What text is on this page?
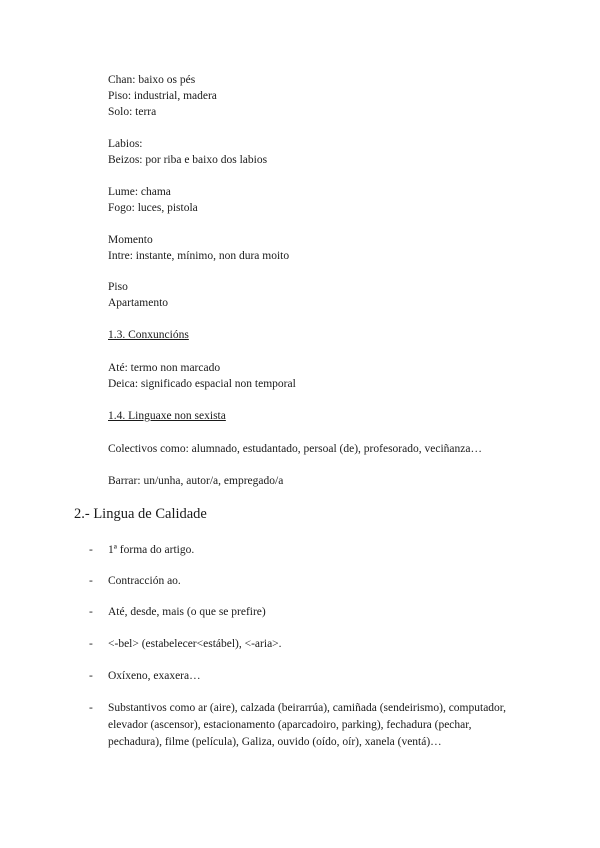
Chan: baixo os pés
Piso: industrial, madera
Solo: terra
Labios:
Beizos: por riba e baixo dos labios
Lume: chama
Fogo: luces, pistola
Momento
Intre: instante, mínimo, non dura moito
Piso
Apartamento
1.3. Conxuncións
Até: termo non marcado
Deica: significado espacial non temporal
1.4. Linguaxe non sexista
Colectivos como: alumnado, estudantado, persoal (de), profesorado, veciñanza…
Barrar: un/unha, autor/a, empregado/a
2.- Lingua de Calidade
- 1ª forma do artigo.
- Contracción ao.
- Até, desde, mais (o que se prefire)
- <-bel> (estabelecer<estábel), <-aria>.
- Oxíxeno, exaxera…
- Substantivos como ar (aire), calzada (beirarrúa), camiñada (sendeirismo), computador, elevador (ascensor), estacionamento (aparcadoiro, parking), fechadura (pechar, pechadura), filme (película), Galiza, ouvido (oído, oír), xanela (ventá)…
